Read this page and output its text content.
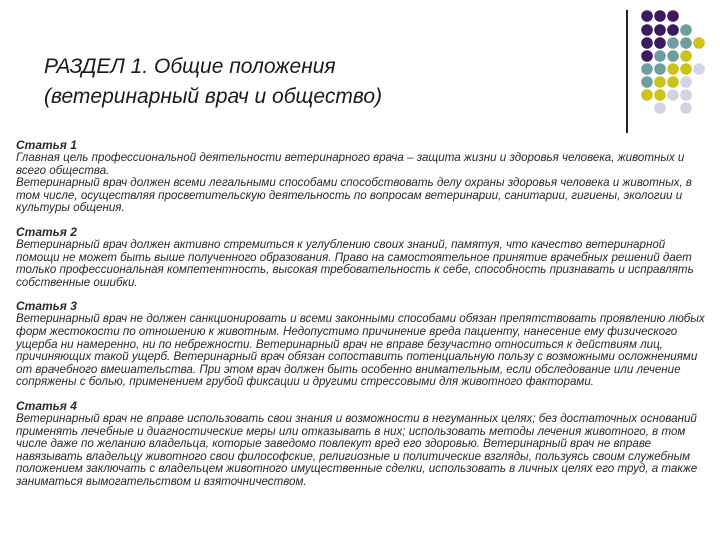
РАЗДЕЛ 1. Общие положения
(ветеринарный врач и общество)
Статья 1

Главная цель профессиональной деятельности ветеринарного врача – защита жизни и здоровья человека, животных и всего общества.

Ветеринарный врач должен всеми легальными способами способствовать делу охраны здоровья человека и животных, в том числе, осуществляя просветительскую деятельность по вопросам ветеринарии, санитарии, гигиены, экологии и культуры общения.

Статья 2

Ветеринарный врач должен активно стремиться к углублению своих знаний, памятуя, что качество ветеринарной помощи не может быть выше полученного образования. Право на самостоятельное принятие врачебных решений дает только профессиональная компетентность, высокая требовательность к себе, способность признавать и исправлять собственные ошибки.

Статья 3

Ветеринарный врач не должен санкционировать и всеми законными способами обязан препятствовать проявлению любых форм жестокости по отношению к животным. Недопустимо причинение вреда пациенту, нанесение ему физического ущерба ни намеренно, ни по небрежности. Ветеринарный врач не вправе безучастно относиться к действиям лиц, причиняющих такой ущерб. Ветеринарный врач обязан сопоставить потенциальную пользу с возможными осложнениями от врачебного вмешательства. При этом врач должен быть особенно внимательным, если обследование или лечение сопряжены с болью, применением грубой фиксации и другими стрессовыми для животного факторами.

Статья 4

Ветеринарный врач не вправе использовать свои знания и возможности в негуманных целях; без достаточных оснований применять лечебные и диагностические меры или отказывать в них; использовать методы лечения животного, в том числе даже по желанию владельца, которые заведомо повлекут вред его здоровью. Ветеринарный врач не вправе навязывать владельцу животного свои философские, религиозные и политические взгляды, пользуясь своим служебным положением заключать с владельцем животного имущественные сделки, использовать в личных целях его труд, а также заниматься вымогательством и взяточничеством.
